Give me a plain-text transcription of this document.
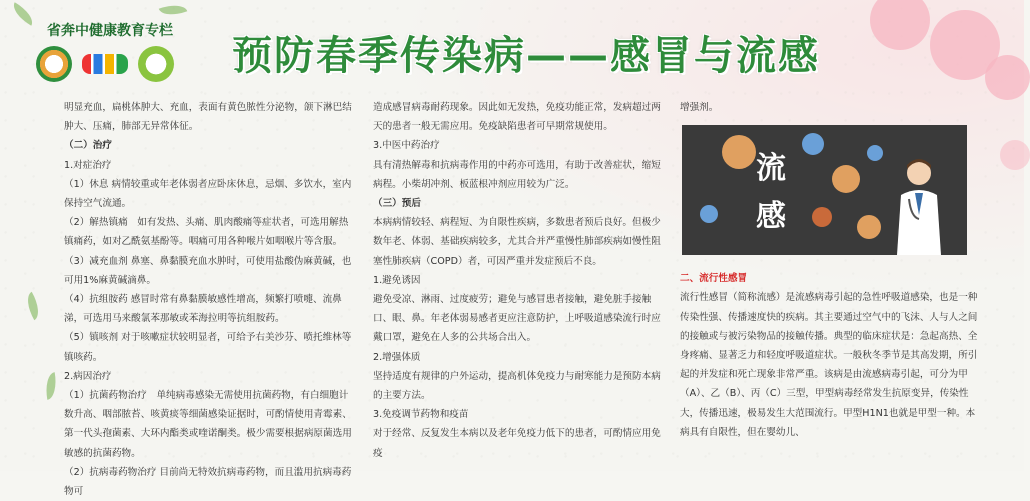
省奔中健康教育专栏
预防春季传染病——感冒与流感

明显充血，扁桃体肿大、充血，表面有黄色脓性分泌物，颌下淋巴结肿大、压痛，肺部无异常体征。

（二）治疗

1.对症治疗

（1）休息 病情较重或年老体弱者应卧床休息，忌烟、多饮水，室内保持空气流通。

（2）解热镇痛　如有发热、头痛、肌肉酸痛等症状者，可选用解热镇痛药，如对乙酰氨基酚等。咽痛可用各种喉片如咽喉片等含服。

（3）减充血剂 鼻塞、鼻黏膜充血水肿时，可使用盐酸伪麻黄碱，也可用1%麻黄碱滴鼻。

（4）抗组胺药 感冒时常有鼻黏膜敏感性增高，频繁打喷嚏、流鼻涕，可选用马来酸氯苯那敏或苯海拉明等抗组胺药。

（5）镇咳剂 对于咳嗽症状较明显者，可给予右美沙芬、喷托维林等镇咳药。

2.病因治疗

（1）抗菌药物治疗　单纯病毒感染无需使用抗菌药物，有白细胞计数升高、咽部脓苔、咳黄痰等细菌感染证据时，可酌情使用青霉素、第一代头孢菌素、大环内酯类或喹诺酮类。极少需要根据病原菌选用敏感的抗菌药物。

（2）抗病毒药物治疗 目前尚无特效抗病毒药物，而且滥用抗病毒药物可

造成感冒病毒耐药现象。因此如无发热，免疫功能正常，发病超过两天的患者一般无需应用。免疫缺陷患者可早期常规使用。

3.中医中药治疗

具有清热解毒和抗病毒作用的中药亦可选用，有助于改善症状，缩短病程。小柴胡冲剂、板蓝根冲剂应用较为广泛。

（三）预后

本病病情较轻、病程短、为自限性疾病，多数患者预后良好。但极少数年老、体弱、基础疾病较多，尤其合并严重慢性肺部疾病如慢性阻塞性肺疾病（COPD）者，可因严重并发症预后不良。

1.避免诱因

避免受凉、淋雨、过度疲劳；避免与感冒患者接触，避免脏手接触口、眼、鼻。年老体弱易感者更应注意防护，上呼吸道感染流行时应戴口罩，避免在人多的公共场合出入。

2.增强体质

坚持适度有规律的户外运动，提高机体免疫力与耐寒能力是预防本病的主要方法。

3.免疫调节药物和疫苗

对于经常、反复发生本病以及老年免疫力低下的患者，可酌情应用免疫

增强剂。

二、流行性感冒

流行性感冒（简称流感）是流感病毒引起的急性呼吸道感染，也是一种传染性强、传播速度快的疾病。其主要通过空气中的飞沫、人与人之间的接触或与被污染物品的接触传播。典型的临床症状是：急起高热、全身疼痛、显著乏力和轻度呼吸道症状。一般秋冬季节是其高发期，所引起的并发症和死亡现象非常严重。该病是由流感病毒引起，可分为甲（A）、乙（B）、丙（C）三型，甲型病毒经常发生抗原变异，传染性大，传播迅速，极易发生大范围流行。甲型H1N1也就是甲型一种。本病具有自限性，但在婴幼儿、

流
感
